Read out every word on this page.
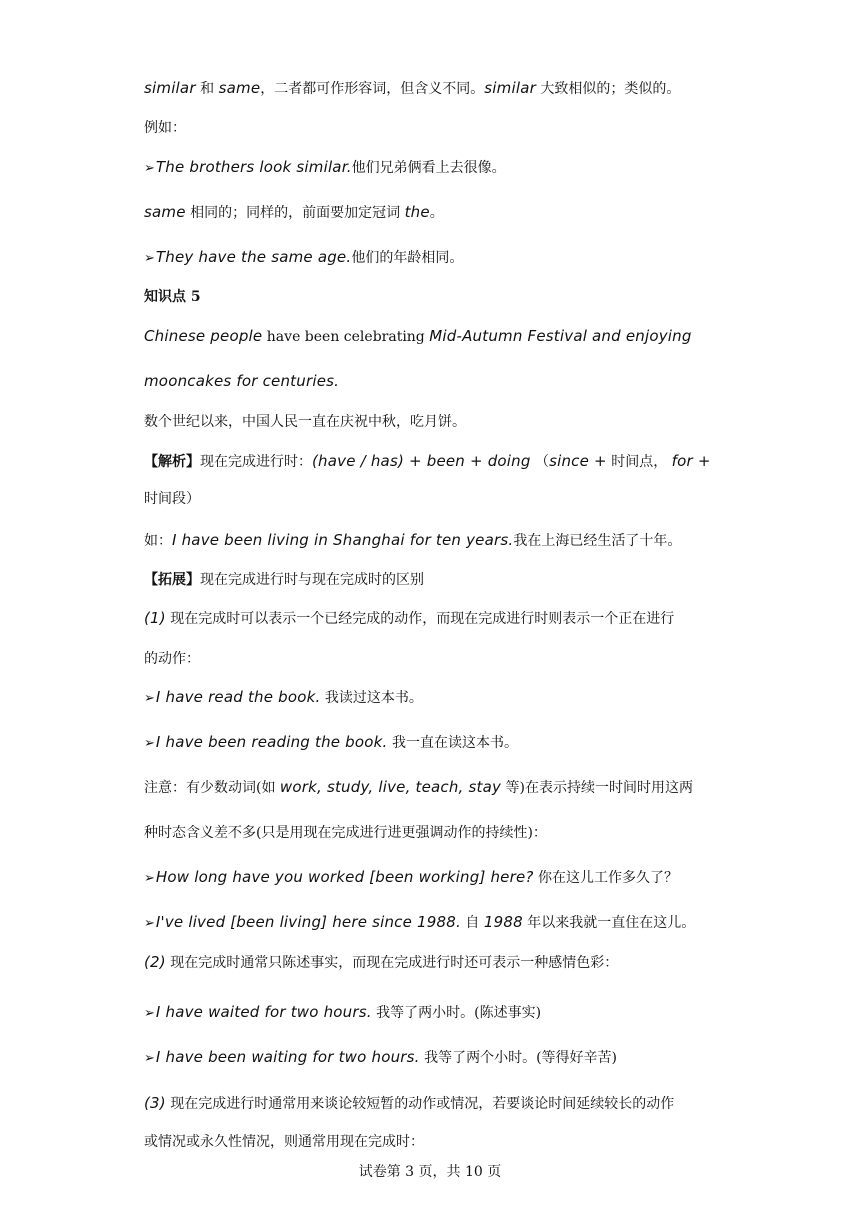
similar 和 same，二者都可作形容词，但含义不同。similar 大致相似的；类似的。
例如：
➢The brothers look similar.他们兄弟俩看上去很像。
same 相同的；同样的，前面要加定冠词 the。
➢They have the same age.他们的年龄相同。
知识点 5
Chinese people have been celebrating Mid-Autumn Festival and enjoying
mooncakes for centuries.
数个世纪以来，中国人民一直在庆祝中秋，吃月饼。
【解析】现在完成进行时：(have / has) + been + doing （since + 时间点， for +
时间段）
如：I have been living in Shanghai for ten years.我在上海已经生活了十年。
【拓展】现在完成进行时与现在完成时的区别
(1) 现在完成时可以表示一个已经完成的动作，而现在完成进行时则表示一个正在进行
的动作：
➢I have read the book. 我读过这本书。
➢I have been reading the book. 我一直在读这本书。
注意：有少数动词(如 work, study, live, teach, stay 等)在表示持续一时间时用这两
种时态含义差不多(只是用现在完成进行进更强调动作的持续性)：
➢How long have you worked [been working] here? 你在这儿工作多久了？
➢I've lived [been living] here since 1988. 自 1988 年以来我就一直住在这儿。
(2) 现在完成时通常只陈述事实，而现在完成进行时还可表示一种感情色彩：
➢I have waited for two hours. 我等了两小时。(陈述事实)
➢I have been waiting for two hours. 我等了两个小时。(等得好辛苦)
(3) 现在完成进行时通常用来谈论较短暂的动作或情况，若要谈论时间延续较长的动作
或情况或永久性情况，则通常用现在完成时：
试卷第 3 页，共 10 页
